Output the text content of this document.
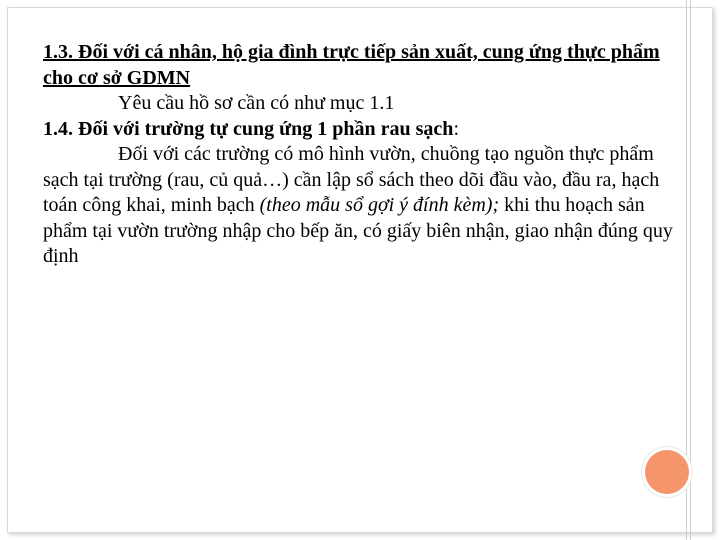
1.3. Đối với cá nhân, hộ gia đình trực tiếp sản xuất, cung ứng thực phẩm cho cơ sở GDMN

Yêu cầu hồ sơ cần có như mục 1.1

1.4. Đối với trường tự cung ứng 1 phần rau sạch:

Đối với các trường có mô hình vườn, chuồng tạo nguồn thực phẩm sạch tại trường (rau, củ quả…) cần lập sổ sách theo dõi đầu vào, đầu ra, hạch toán công khai, minh bạch (theo mẫu sổ gợi ý đính kèm); khi thu hoạch sản phẩm tại vườn trường nhập cho bếp ăn, có giấy biên nhận, giao nhận đúng quy định
